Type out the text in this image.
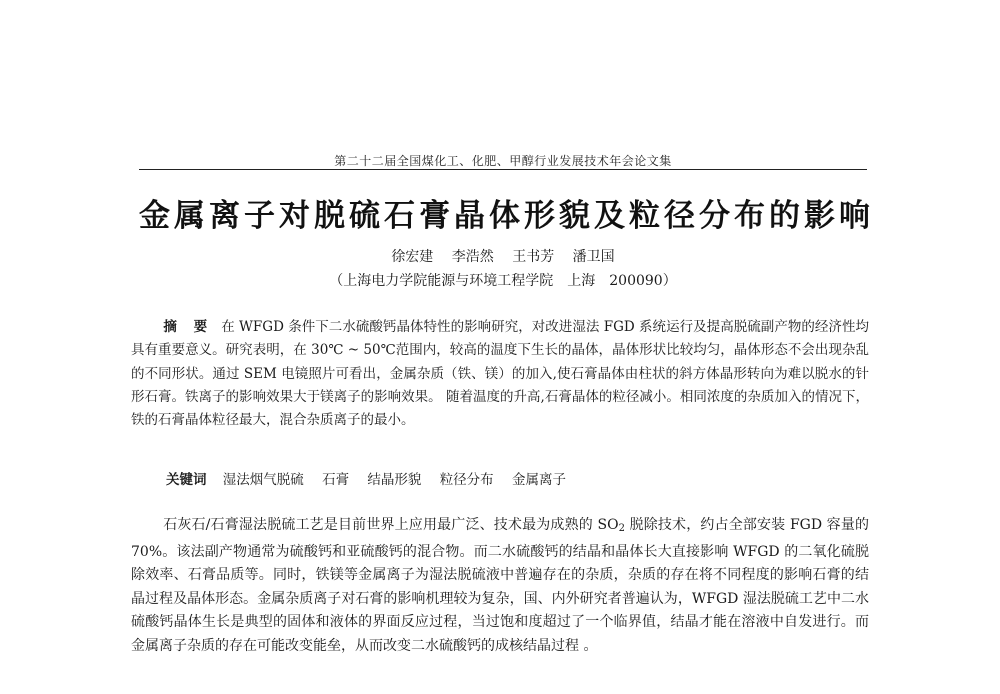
第二十二届全国煤化工、化肥、甲醇行业发展技术年会论文集
金属离子对脱硫石膏晶体形貌及粒径分布的影响
徐宏建 李浩然 王书芳 潘卫国
（上海电力学院能源与环境工程学院　上海　200090）

摘 要 在 WFGD 条件下二水硫酸钙晶体特性的影响研究，对改进湿法 FGD 系统运行及提高脱硫副产物的经济性均具有重要意义。研究表明，在 30℃ ~ 50℃范围内，较高的温度下生长的晶体，晶体形状比较均匀，晶体形态不会出现杂乱的不同形状。通过 SEM 电镜照片可看出，金属杂质（铁、镁）的加入,使石膏晶体由柱状的斜方体晶形转向为难以脱水的针形石膏。铁离子的影响效果大于镁离子的影响效果。 随着温度的升高,石膏晶体的粒径减小。相同浓度的杂质加入的情况下，铁的石膏晶体粒径最大，混合杂质离子的最小。

关键词 湿法烟气脱硫 石膏 结晶形貌 粒径分布 金属离子

石灰石/石膏湿法脱硫工艺是目前世界上应用最广泛、技术最为成熟的 $SO_2$ 脱除技术，约占全部安装 FGD 容量的 70%。该法副产物通常为硫酸钙和亚硫酸钙的混合物。而二水硫酸钙的结晶和晶体长大直接影响 WFGD 的二氧化硫脱除效率、石膏品质等。同时，铁镁等金属离子为湿法脱硫液中普遍存在的杂质，杂质的存在将不同程度的影响石膏的结晶过程及晶体形态。金属杂质离子对石膏的影响机理较为复杂，国、内外研究者普遍认为，WFGD 湿法脱硫工艺中二水硫酸钙晶体生长是典型的固体和液体的界面反应过程，当过饱和度超过了一个临界值，结晶才能在溶液中自发进行。而金属离子杂质的存在可能改变能垒，从而改变二水硫酸钙的成核结晶过程 。
